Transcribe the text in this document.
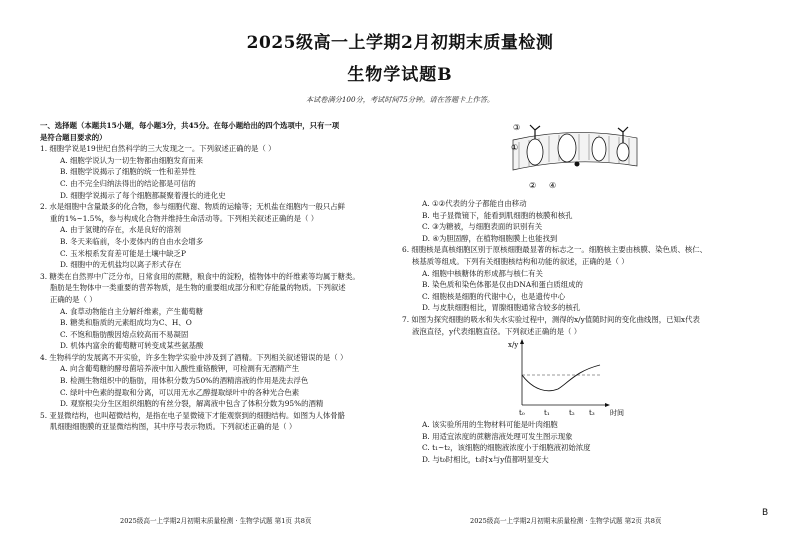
2025级高一上学期2月初期末质量检测
生物学试题B
本试卷满分100分，考试时间75分钟。请在答题卡上作答。
一、选择题（本题共15小题，每小题3分，共45分。在每小题给出的四个选项中，只有一项
是符合题目要求的）
1. 细胞学说是19世纪自然科学的三大发现之一。下列叙述正确的是（ ）
A. 细胞学说认为一切生物都由细胞发育而来
B. 细胞学说揭示了细胞的统一性和差异性
C. 由不完全归纳法得出的结论都是可信的
D. 细胞学说揭示了每个细胞都凝聚着漫长的进化史
2. 水是细胞中含量最多的化合物，参与细胞代谢、物质的运输等；无机盐在细胞内一般只占鲜
重的1%~1.5%，参与构成化合物并维持生命活动等。下列相关叙述正确的是（ ）
A. 由于氢键的存在，水是良好的溶剂
B. 冬天来临前，冬小麦体内的自由水会增多
C. 玉米根系发育差可能是土壤中缺乏P
D. 细胞中的无机盐均以离子形式存在
3. 糖类在自然界中广泛分布，日常食用的蔗糖，粮食中的淀粉，植物体中的纤维素等均属于糖类。
脂肪是生物体中一类重要的营养物质，是生物的重要组成部分和贮存能量的物质。下列叙述
正确的是（ ）
A. 食草动物能自主分解纤维素，产生葡萄糖
B. 糖类和脂质的元素组成均为C、H、O
C. 不饱和脂肪酸因熔点较高而不易凝固
D. 机体内富余的葡萄糖可转变成某些氨基酸
4. 生物科学的发展离不开实验，许多生物学实验中涉及到了酒精。下列相关叙述错误的是（ ）
A. 向含葡萄糖的酵母菌培养液中加入酸性重铬酸钾，可检测有无酒精产生
B. 检测生物组织中的脂肪，用体积分数为50%的酒精溶液的作用是洗去浮色
C. 绿叶中色素的提取和分离，可以用无水乙醇提取绿叶中的各种光合色素
D. 观察根尖分生区组织细胞的有丝分裂，解离液中包含了体积分数为95%的酒精
5. 亚显微结构，也叫超微结构，是指在电子显微镜下才能观察到的细胞结构。如图为人体骨骼
肌细胞细胞膜的亚显微结构图，其中序号表示物质。下列叙述正确的是（ ）
A. ①②代表的分子都能自由移动
B. 电子显微镜下，能看到肌细胞的核膜和核孔
C. ③为糖被，与细胞表面的识别有关
D. ④为胆固醇，在植物细胞膜上也能找到
6. 细胞核是真核细胞区别于原核细胞最显著的标志之一。细胞核主要由核膜、染色质、核仁、
核基质等组成。下列有关细胞核结构和功能的叙述，正确的是（ ）
A. 细胞中核糖体的形成都与核仁有关
B. 染色质和染色体都是仅由DNA和蛋白质组成的
C. 细胞核是细胞的代谢中心，也是遗传中心
D. 与皮肤细胞相比，胃腺细胞通常含较多的核孔
7. 如图为探究细胞的吸水和失水实验过程中，测得的x/y值随时间的变化曲线图，已知x代表
液泡直径，y代表细胞直径。下列叙述正确的是（ ）
A. 该实验所用的生物材料可能是叶肉细胞
B. 用适宜浓度的蔗糖溶液处理可发生图示现象
C. t₁~t₂，该细胞的细胞液浓度小于细胞液初始浓度
D. 与t₀时相比，t₃时x与y值都明显变大
③
①
④
②
x/y
时间
t₀	t₁	t₂ t₃
2025级高一上学期2月初期末质量检测 · 生物学试题 第1页 共8页	2025级高一上学期2月初期末质量检测 · 生物学试题 第2页 共8页
B
